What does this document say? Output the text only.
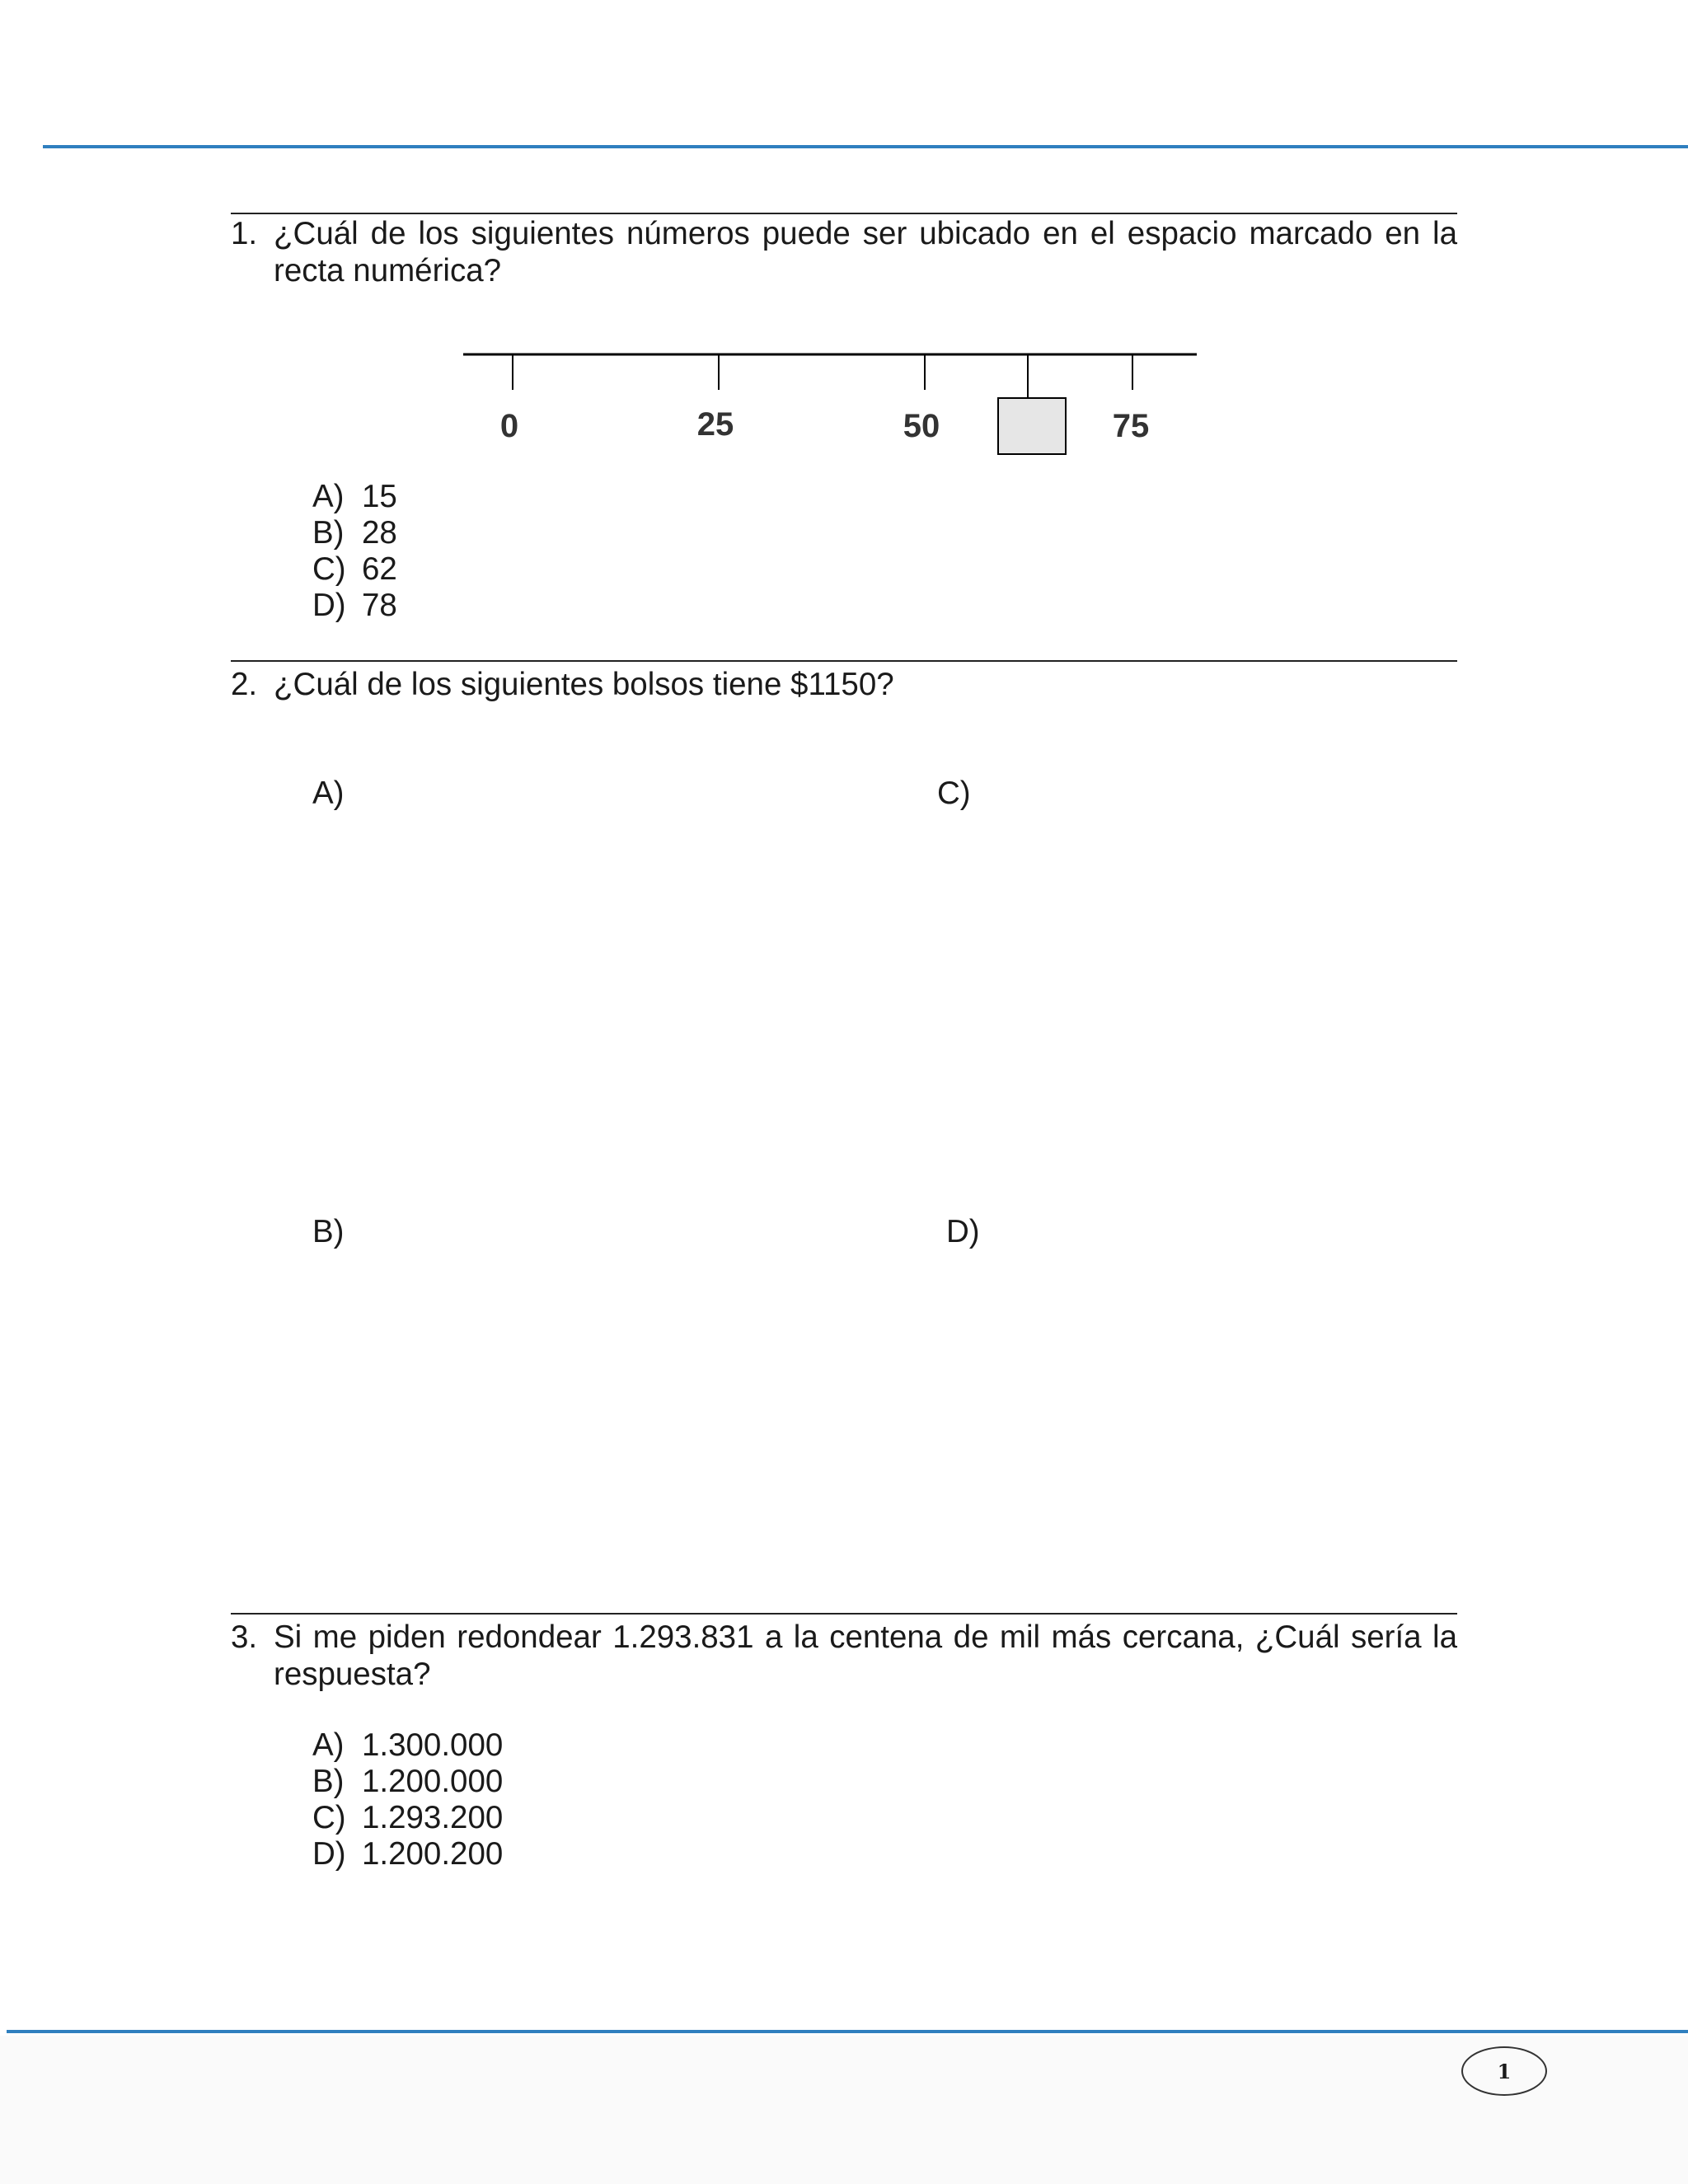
1. ¿Cuál de los siguientes números puede ser ubicado en el espacio marcado en la recta numérica?
0	25	50	75
A) 15
B) 28
C) 62
D) 78
2. ¿Cuál de los siguientes bolsos tiene $1150?
A)	C)
B)	D)
3. Si me piden redondear 1.293.831 a la centena de mil más cercana, ¿Cuál sería la respuesta?
A) 1.300.000
B) 1.200.000
C) 1.293.200
D) 1.200.200
1
